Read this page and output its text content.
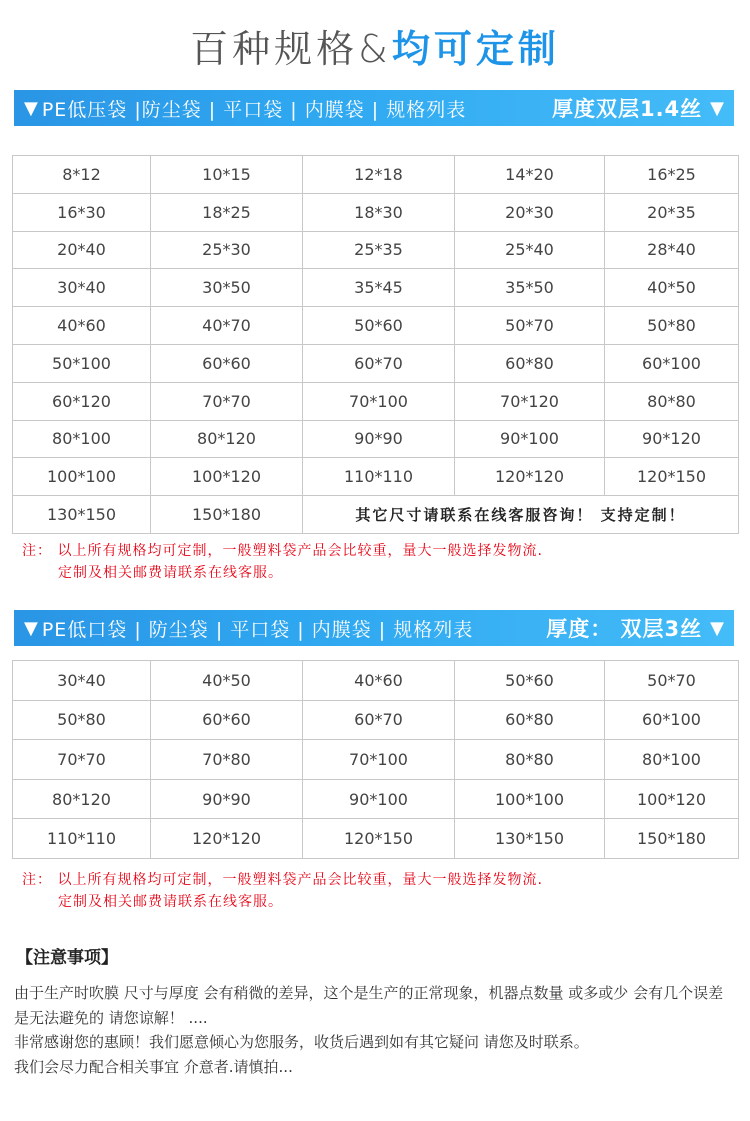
百种规格&均可定制
▼ PE低压袋 |防尘袋 | 平口袋 | 内膜袋 | 规格列表	厚度双层1.4丝 ▼
8*12	10*15	12*18	14*20	16*25
16*30	18*25	18*30	20*30	20*35
20*40	25*30	25*35	25*40	28*40
30*40	30*50	35*45	35*50	40*50
40*60	40*70	50*60	50*70	50*80
50*100	60*60	60*70	60*80	60*100
60*120	70*70	70*100	70*120	80*80
80*100	80*120	90*90	90*100	90*120
100*100	100*120	110*110	120*120	120*150
130*150	150*180	其它尺寸请联系在线客服咨询！ 支持定制！		
注： 以上所有规格均可定制，一般塑料袋产品会比较重，量大一般选择发物流.
定制及相关邮费请联系在线客服。
▼ PE低口袋 | 防尘袋 | 平口袋 | 内膜袋 | 规格列表	厚度： 双层3丝 ▼
30*40	40*50	40*60	50*60	50*70
50*80	60*60	60*70	60*80	60*100
70*70	70*80	70*100	80*80	80*100
80*120	90*90	90*100	100*100	100*120
110*110	120*120	120*150	130*150	150*180
注： 以上所有规格均可定制，一般塑料袋产品会比较重，量大一般选择发物流.
定制及相关邮费请联系在线客服。
【注意事项】

由于生产时吹膜 尺寸与厚度 会有稍微的差异，这个是生产的正常现象，机器点数量 或多或少 会有几个误差 是无法避免的 请您谅解！ ....

非常感谢您的惠顾！我们愿意倾心为您服务，收货后遇到如有其它疑问 请您及时联系。

我们会尽力配合相关事宜 介意者.请慎拍...
